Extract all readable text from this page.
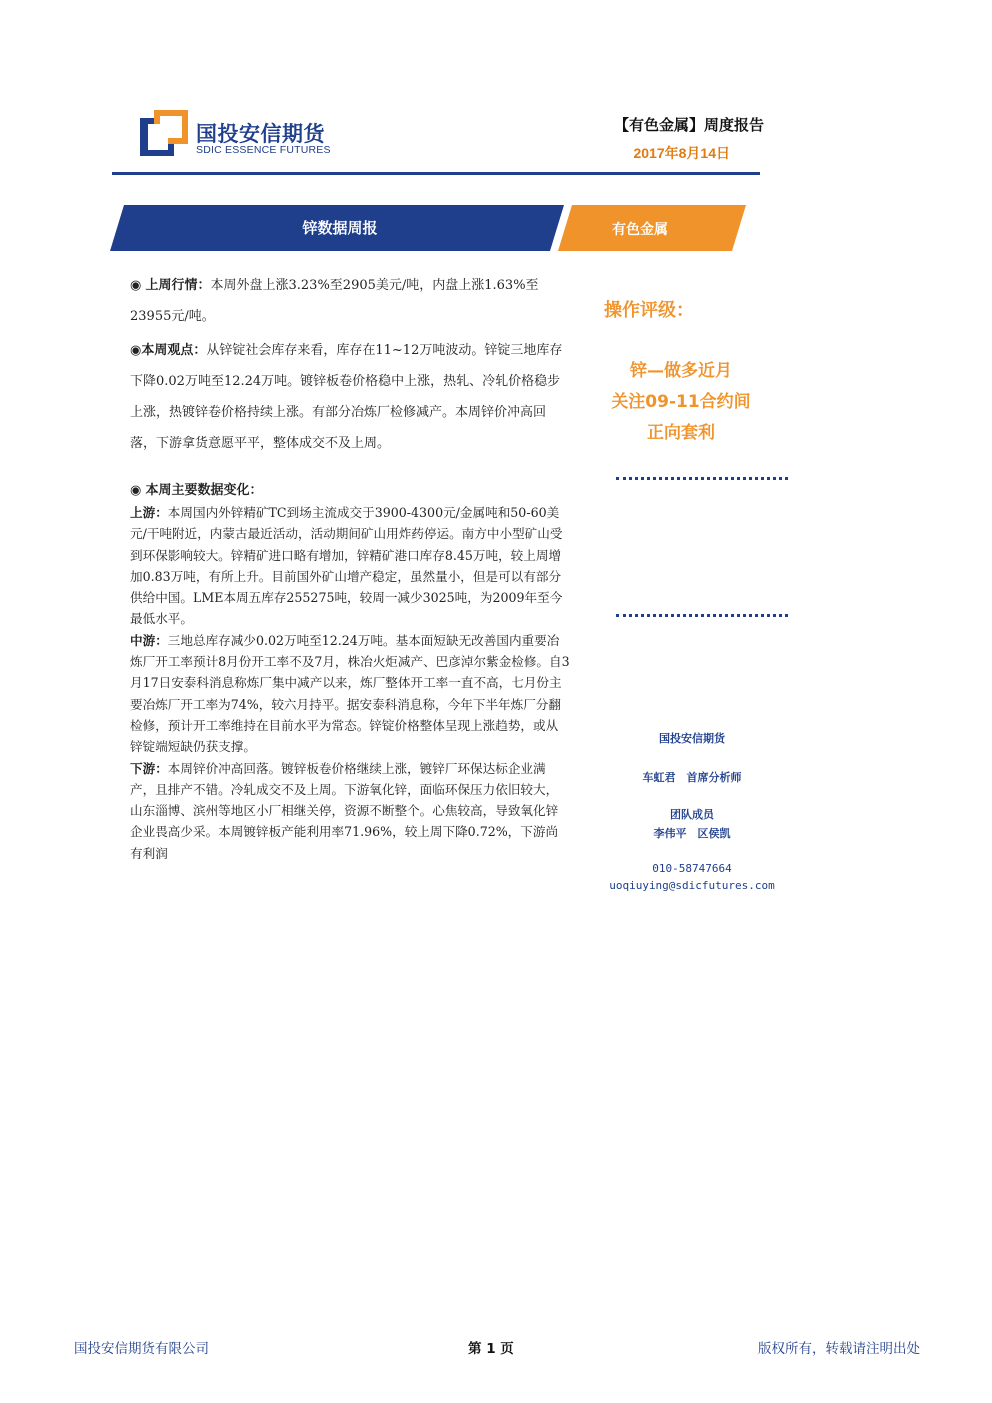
国投安信期货
SDIC ESSENCE FUTURES
【有色金属】周度报告
2017年8月14日
锌数据周报	有色金属
◉ 上周行情：本周外盘上涨3.23%至2905美元/吨，内盘上涨1.63%至23955元/吨。
◉本周观点：从锌锭社会库存来看，库存在11~12万吨波动。锌锭三地库存下降0.02万吨至12.24万吨。镀锌板卷价格稳中上涨，热轧、冷轧价格稳步上涨，热镀锌卷价格持续上涨。有部分冶炼厂检修减产。本周锌价冲高回落，下游拿货意愿平平，整体成交不及上周。
◉ 本周主要数据变化：
上游：本周国内外锌精矿TC到场主流成交于3900-4300元/金属吨和50-60美元/干吨附近，内蒙古最近活动，活动期间矿山用炸药停运。南方中小型矿山受到环保影响较大。锌精矿进口略有增加，锌精矿港口库存8.45万吨，较上周增加0.83万吨，有所上升。目前国外矿山增产稳定，虽然量小，但是可以有部分供给中国。LME本周五库存255275吨，较周一减少3025吨，为2009年至今最低水平。
中游：三地总库存减少0.02万吨至12.24万吨。基本面短缺无改善国内重要冶炼厂开工率预计8月份开工率不及7月，株冶火炬减产、巴彦淖尔紫金检修。自3月17日安泰科消息称炼厂集中减产以来，炼厂整体开工率一直不高，七月份主要冶炼厂开工率为74%，较六月持平。据安泰科消息称，今年下半年炼厂分翻检修，预计开工率维持在目前水平为常态。锌锭价格整体呈现上涨趋势，或从锌锭端短缺仍获支撑。
下游：本周锌价冲高回落。镀锌板卷价格继续上涨，镀锌厂环保达标企业满产，且排产不错。冷轧成交不及上周。下游氧化锌，面临环保压力依旧较大，山东淄博、滨州等地区小厂相继关停，资源不断整个。心焦较高，导致氧化锌企业畏高少采。本周镀锌板产能利用率71.96%，较上周下降0.72%，下游尚有利润
操作评级：
锌—做多近月
关注09-11合约间
正向套利
国投安信期货
车虹君　首席分析师
团队成员
李伟平　区侯凯
010-58747664
uoqiuying@sdicfutures.com
国投安信期货有限公司	第 1 页	版权所有，转载请注明出处
